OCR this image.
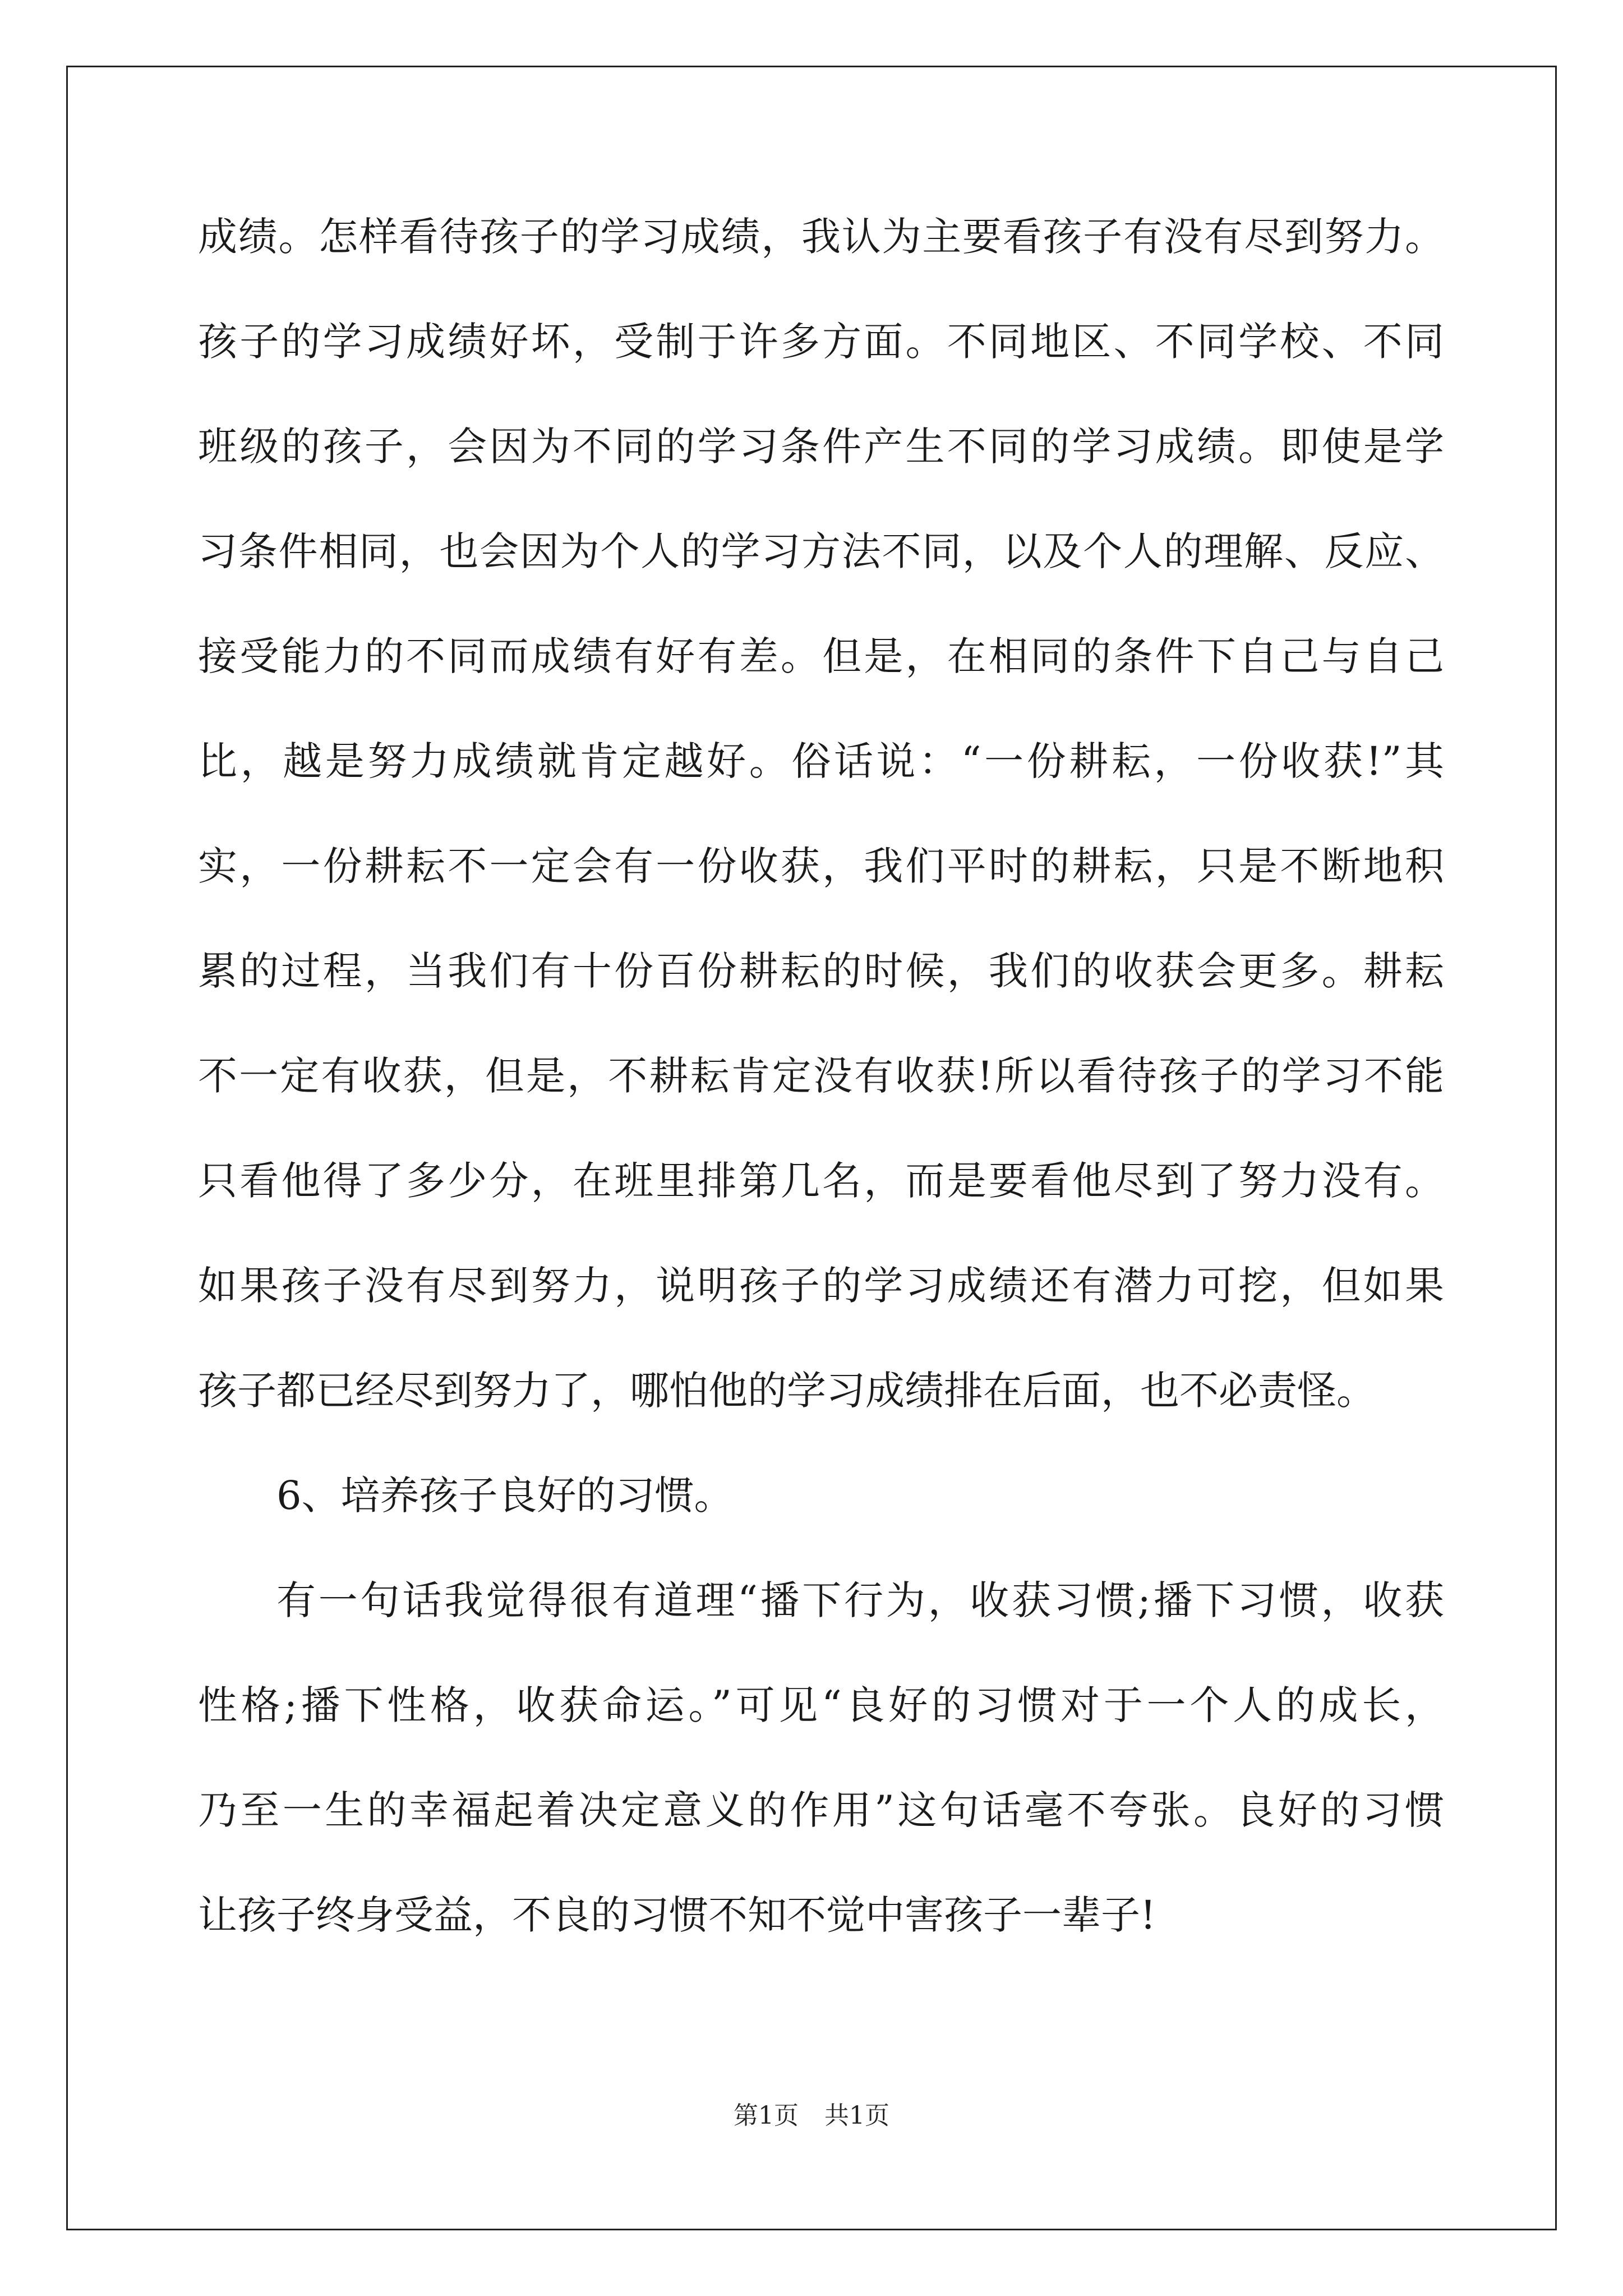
成绩。怎样看待孩子的学习成绩，我认为主要看孩子有没有尽到努力。
孩子的学习成绩好坏，受制于许多方面。不同地区、不同学校、不同
班级的孩子，会因为不同的学习条件产生不同的学习成绩。即使是学
习条件相同，也会因为个人的学习方法不同，以及个人的理解、反应、
接受能力的不同而成绩有好有差。但是，在相同的条件下自己与自己
比，越是努力成绩就肯定越好。俗话说：“一份耕耘，一份收获!”其
实，一份耕耘不一定会有一份收获，我们平时的耕耘，只是不断地积
累的过程，当我们有十份百份耕耘的时候，我们的收获会更多。耕耘
不一定有收获，但是，不耕耘肯定没有收获!所以看待孩子的学习不能
只看他得了多少分，在班里排第几名，而是要看他尽到了努力没有。
如果孩子没有尽到努力，说明孩子的学习成绩还有潜力可挖，但如果
孩子都已经尽到努力了，哪怕他的学习成绩排在后面，也不必责怪。
6、培养孩子良好的习惯。
有一句话我觉得很有道理“播下行为，收获习惯;播下习惯，收获
性格;播下性格，收获命运。”可见“良好的习惯对于一个人的成长，
乃至一生的幸福起着决定意义的作用”这句话毫不夸张。良好的习惯
让孩子终身受益，不良的习惯不知不觉中害孩子一辈子!
第1页 共1页
